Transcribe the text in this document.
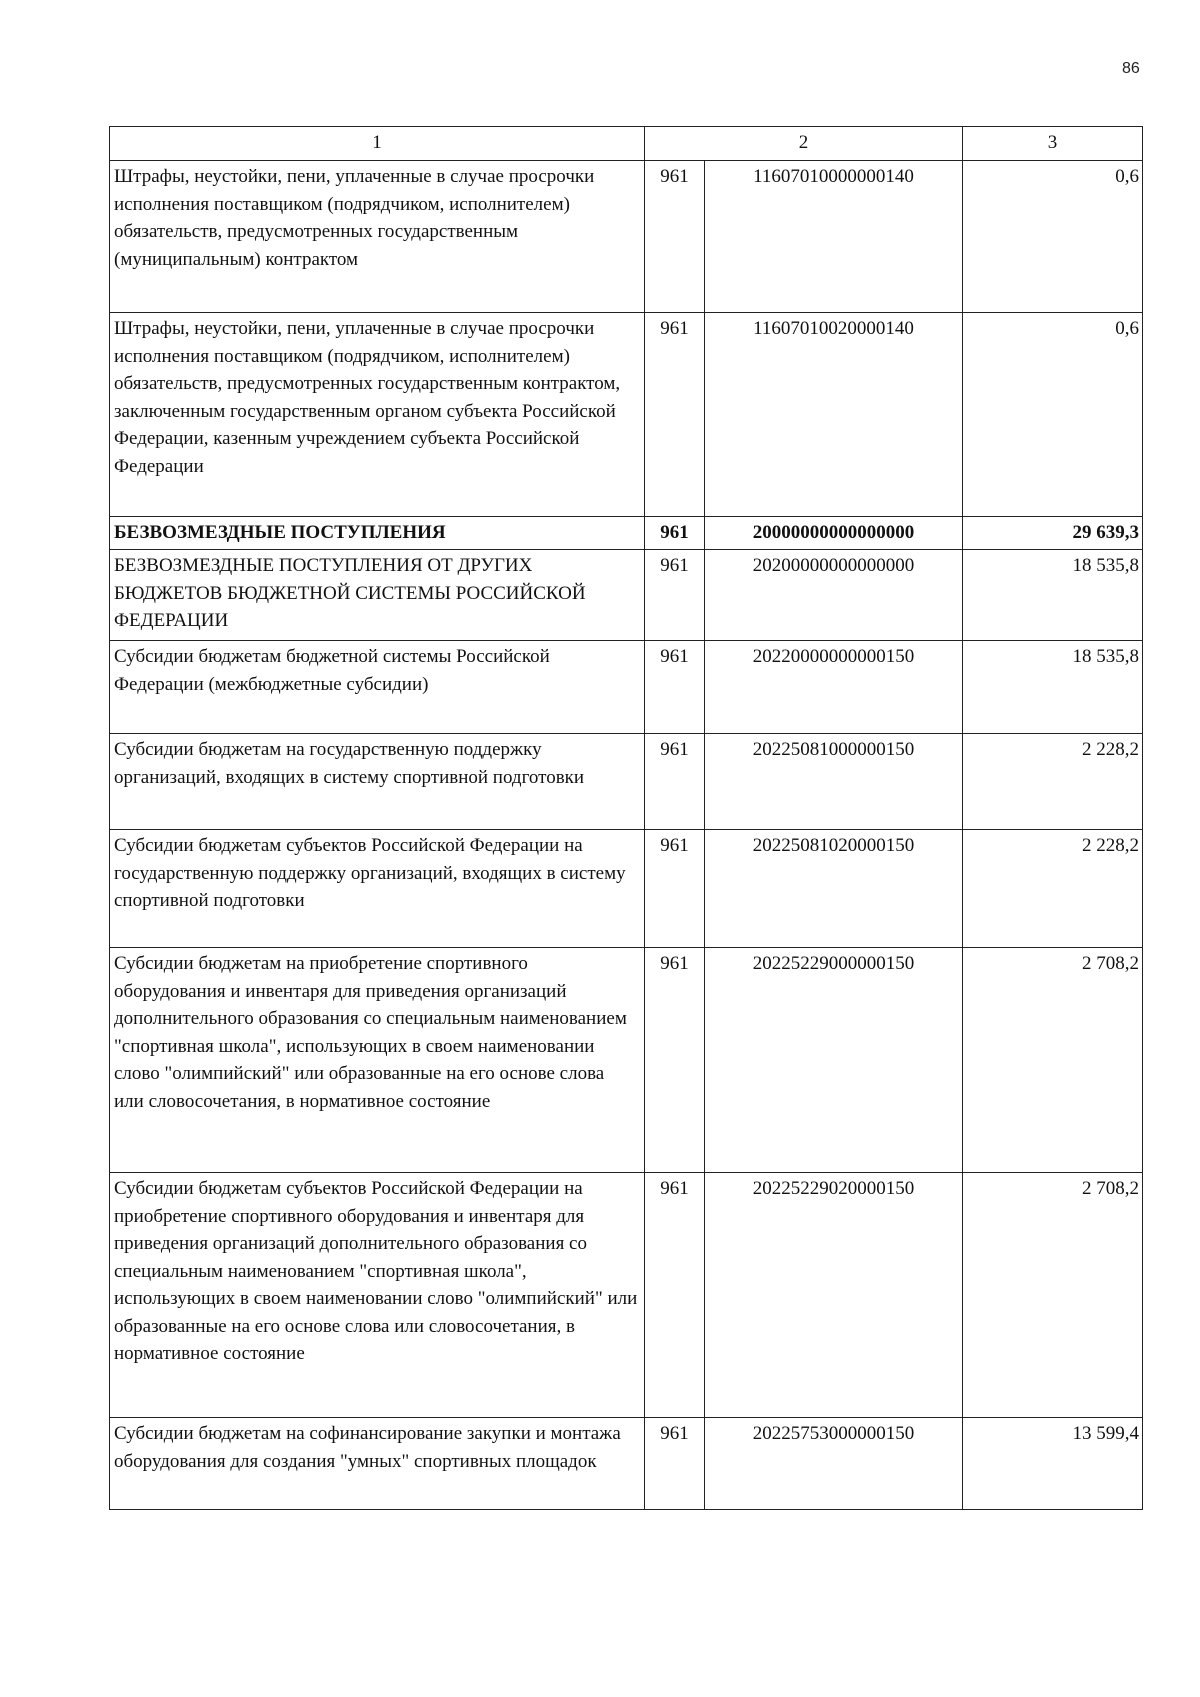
86
1	2		3
Штрафы, неустойки, пени, уплаченные в случае просрочки исполнения поставщиком (подрядчиком, исполнителем) обязательств, предусмотренных государственным (муниципальным) контрактом	961	11607010000000140	0,6
Штрафы, неустойки, пени, уплаченные в случае просрочки исполнения поставщиком (подрядчиком, исполнителем) обязательств, предусмотренных государственным контрактом, заключенным государственным органом субъекта Российской Федерации, казенным учреждением субъекта Российской Федерации	961	11607010020000140	0,6
БЕЗВОЗМЕЗДНЫЕ ПОСТУПЛЕНИЯ	961	20000000000000000	29 639,3
БЕЗВОЗМЕЗДНЫЕ ПОСТУПЛЕНИЯ ОТ ДРУГИХ БЮДЖЕТОВ БЮДЖЕТНОЙ СИСТЕМЫ РОССИЙСКОЙ ФЕДЕРАЦИИ	961	20200000000000000	18 535,8
Субсидии бюджетам бюджетной системы Российской Федерации (межбюджетные субсидии)	961	20220000000000150	18 535,8
Субсидии бюджетам на государственную поддержку организаций, входящих в систему спортивной подготовки	961	20225081000000150	2 228,2
Субсидии бюджетам субъектов Российской Федерации на государственную поддержку организаций, входящих в систему спортивной подготовки	961	20225081020000150	2 228,2
Субсидии бюджетам на приобретение спортивного оборудования и инвентаря для приведения организаций дополнительного образования со специальным наименованием "спортивная школа", использующих в своем наименовании слово "олимпийский" или образованные на его основе слова или словосочетания, в нормативное состояние	961	20225229000000150	2 708,2
Субсидии бюджетам субъектов Российской Федерации на приобретение спортивного оборудования и инвентаря для приведения организаций дополнительного образования со специальным наименованием "спортивная школа", использующих в своем наименовании слово "олимпийский" или образованные на его основе слова или словосочетания, в нормативное состояние	961	20225229020000150	2 708,2
Субсидии бюджетам на софинансирование закупки и монтажа оборудования для создания "умных" спортивных площадок	961	20225753000000150	13 599,4
